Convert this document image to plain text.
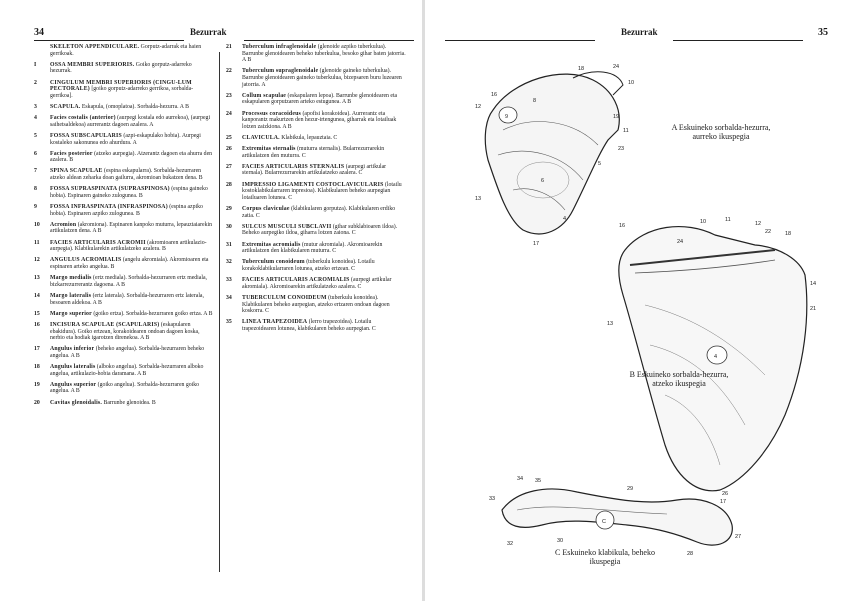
34	Bezurrak
SKELETON APPENDICULARE. Gorputz-adarrak eta haien gerrikoak.
I	OSSA MEMBRI SUPERIORIS. Goiko gorputz-adarreko hezurrak.
2	CINGULUM MEMBRI SUPERIORIS (CINGU-LUM PECTORALE) [goiko gorputz-adarreko gerrikoa, sorbalda-gerrikoa].
3	SCAPULA. Eskapula, (omoplatoa). Sorbalda-hezurra. A B
4	Facies costalis (anterior) (aurpegi kostala edo aurrekoa), (aurpegi saihetsaldekoa) aurrerantz dagoen azalera. A
5	FOSSA SUBSCAPULARIS (azpi-eskapulako hobia). Aurpegi kostaleko sakonunea edo ahurdura. A
6	Facies posterior (atzeko aurpegia). Atzerantz dagoen eta ahurra den azalera. B
7	SPINA SCAPULAE (espina eskapularra). Sorbalda-hezurraren atzeko aldean zeharka doan gailurra, akromioan bukatzen dena. B
8	FOSSA SUPRASPINATA (SUPRASPINOSA) (espina gaineko hobia). Espinaren gaineko zulogunea. B
9	FOSSA INFRASPINATA (INFRASPINOSA) (espina azpiko hobia). Espinaren azpiko zulogunea. B
10	Acromion (akromiona). Espinaren kanpoko muturra, lepauztaiarekin artikulatzen dena. A B
11	FACIES ARTICULARIS ACROMII (akromioaren artikulazio-aurpegia). Klabikularekin artikulatzeko azalera. B
12	ANGULUS ACROMIALIS (angelu akromiala). Akromioaren eta espinaren arteko angelua. B
13	Margo medialis (ertz mediala). Sorbalda-hezurraren ertz mediala, bizkarrezurrerantz dagoena. A B
14	Margo lateralis (ertz laterala). Sorbalda-hezurraren ertz laterala, besoaren aldekoa. A B
15	Margo superior (goiko ertza). Sorbalda-hezurraren goiko ertza. A B
16	INCISURA SCAPULAE (SCAPULARIS) (eskapularen ebakidura). Goiko ertzean, korakoidearen ondoan dagoen koska, nerbio eta hodiak igarotzen direnekoa. A B
17	Angulus inferior (beheko angelua). Sorbalda-hezurraren beheko angelua. A B
18	Angulus lateralis (alboko angelua). Sorbalda-hezurraren alboko angelua, artikulazio-hobia daramana. A B
19	Angulus superior (goiko angelua). Sorbalda-hezurraren goiko angelua. A B
20	Cavitas glenoidalis. Barrunbe glenoidea. B
21	Tuberculum infraglenoidale (glenoide azpiko tuberkulua). Barrunbe glenoidearen beheko tuberkulua, besoko gihar baten jatorria. A B
22	Tuberculum supraglenoidale (glenoide gaineko tuberkulua). Barrunbe glenoidearen gaineko tuberkulua, bizepsaren buru luzearen jatorria. A
23	Collum scapulae (eskapularen lepoa). Barrunbe glenoidearen eta eskapularen gorputzaren arteko estugunea. A B
24	Processus coracoideus (apofisi korakoidea). Aurrerantz eta kanporantz makurtzen den hezur-irtengunea, giharrak eta lotailuak lotzen zaizkiona. A B
25	CLAVICULA. Klabikula, lepauztaia. C
26	Extremitas sternalis (muturra sternalis). Bularrezurrarekin artikulatzen den muturra. C
27	FACIES ARTICULARIS STERNALIS (aurpegi artikular sternala). Bularrezurrarekin artikulatzeko azalera. C
28	IMPRESSIO LIGAMENTI COSTOCLAVICULARIS (lotailu kostoklabikularraren inpresioa). Klabikularen beheko aurpegian lotailuaren lotunea. C
29	Corpus claviculae (klabikularen gorputza). Klabikularen erdiko zatia. C
30	SULCUS MUSCULI SUBCLAVII (gihar subklabioaren ildoa). Beheko aurpegiko ildoa, giharra lotzen zaiona. C
31	Extremitas acromialis (mutur akromiala). Akromioarekin artikulatzen den klabikularen muturra. C
32	Tuberculum conoideum (tuberkulu konoidea). Lotailu korakoklabikularraren lotunea, atzeko ertzean. C
33	FACIES ARTICULARIS ACROMIALIS (aurpegi artikular akromiala). Akromioarekin artikulatzeko azalera. C
34	TUBERCULUM CONOIDEUM (tuberkulu konoidea). Klabikularen beheko aurpegian, atzeko ertzaren ondoan dagoen koskorra. C
35	LINEA TRAPEZOIDEA (lerro trapezoidea). Lotailu trapezoidearen lotunea, klabikularen beheko aurpegian. C
Bezurrak	35
18	24
10
8
9
6
19
11
23
12
13
17
16
5
4
A Eskuineko sorbalda-hezurra, aurreko ikuspegia
16
10	11
22
24
14
4
13
17
12
21
18
B Eskuineko sorbalda-hezurra, atzeko ikuspegia
33
34 35
32
29
26
30
27
28
C
C Eskuineko klabikula, beheko ikuspegia
